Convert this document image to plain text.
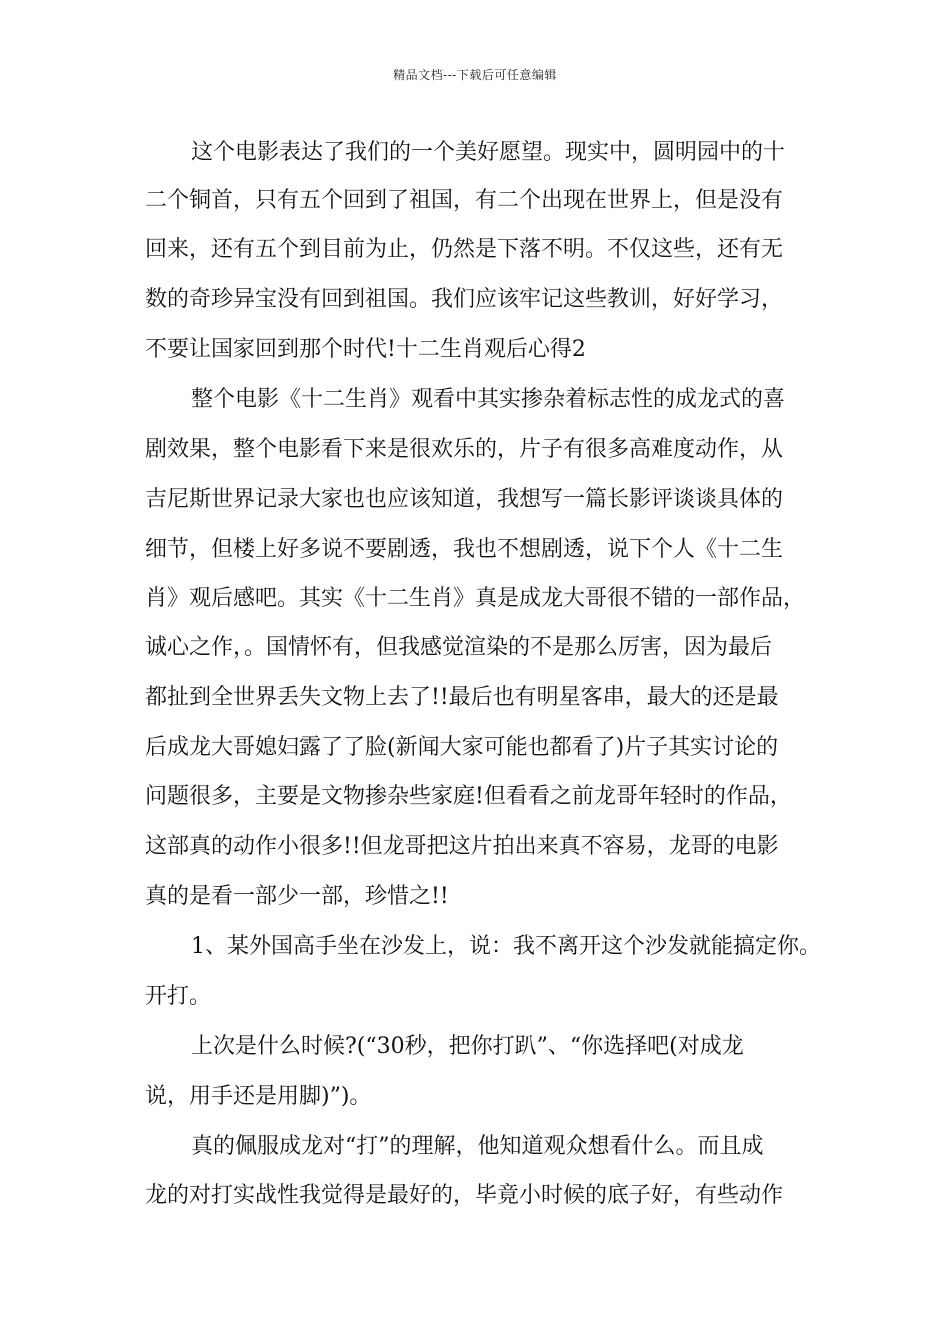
精品文档---下载后可任意编辑
这个电影表达了我们的一个美好愿望。现实中，圆明园中的十
二个铜首，只有五个回到了祖国，有二个出现在世界上，但是没有
回来，还有五个到目前为止，仍然是下落不明。不仅这些，还有无
数的奇珍异宝没有回到祖国。我们应该牢记这些教训，好好学习，
不要让国家回到那个时代!十二生肖观后心得2
整个电影《十二生肖》观看中其实掺杂着标志性的成龙式的喜
剧效果，整个电影看下来是很欢乐的，片子有很多高难度动作，从
吉尼斯世界记录大家也也应该知道，我想写一篇长影评谈谈具体的
细节，但楼上好多说不要剧透，我也不想剧透，说下个人《十二生
肖》观后感吧。其实《十二生肖》真是成龙大哥很不错的一部作品，
诚心之作，。国情怀有，但我感觉渲染的不是那么厉害，因为最后
都扯到全世界丢失文物上去了!!最后也有明星客串，最大的还是最
后成龙大哥媳妇露了了脸(新闻大家可能也都看了)片子其实讨论的
问题很多，主要是文物掺杂些家庭!但看看之前龙哥年轻时的作品，
这部真的动作小很多!!但龙哥把这片拍出来真不容易，龙哥的电影
真的是看一部少一部，珍惜之!!
1、某外国高手坐在沙发上，说：我不离开这个沙发就能搞定你。
开打。
上次是什么时候?(“30秒，把你打趴”、“你选择吧(对成龙
说，用手还是用脚)”)。
真的佩服成龙对“打”的理解，他知道观众想看什么。而且成
龙的对打实战性我觉得是最好的，毕竟小时候的底子好，有些动作
